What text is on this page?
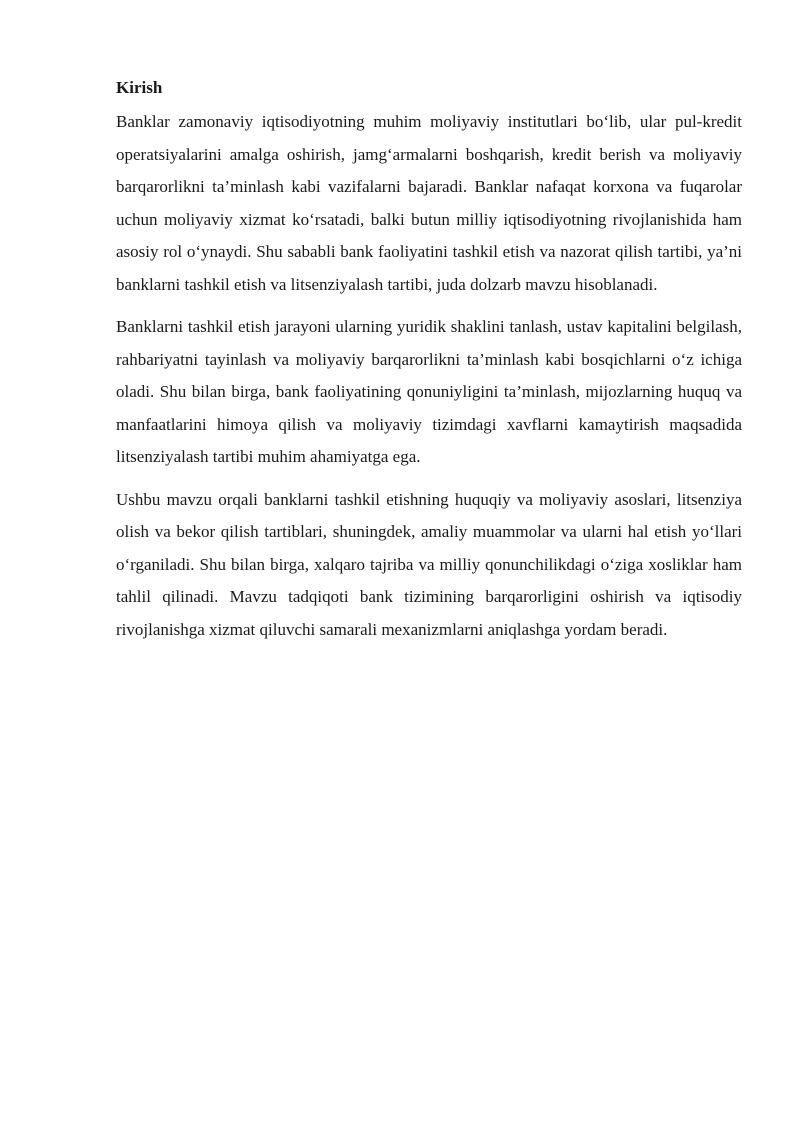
Kirish

Banklar zamonaviy iqtisodiyotning muhim moliyaviy institutlari bo‘lib, ular pul-kredit operatsiyalarini amalga oshirish, jamg‘armalarni boshqarish, kredit berish va moliyaviy barqarorlikni ta’minlash kabi vazifalarni bajaradi. Banklar nafaqat korxona va fuqarolar uchun moliyaviy xizmat ko‘rsatadi, balki butun milliy iqtisodiyotning rivojlanishida ham asosiy rol o‘ynaydi. Shu sababli bank faoliyatini tashkil etish va nazorat qilish tartibi, ya’ni banklarni tashkil etish va litsenziyalash tartibi, juda dolzarb mavzu hisoblanadi.

Banklarni tashkil etish jarayoni ularning yuridik shaklini tanlash, ustav kapitalini belgilash, rahbariyatni tayinlash va moliyaviy barqarorlikni ta’minlash kabi bosqichlarni o‘z ichiga oladi. Shu bilan birga, bank faoliyatining qonuniyligini ta’minlash, mijozlarning huquq va manfaatlarini himoya qilish va moliyaviy tizimdagi xavflarni kamaytirish maqsadida litsenziyalash tartibi muhim ahamiyatga ega.

Ushbu mavzu orqali banklarni tashkil etishning huquqiy va moliyaviy asoslari, litsenziya olish va bekor qilish tartiblari, shuningdek, amaliy muammolar va ularni hal etish yo‘llari o‘rganiladi. Shu bilan birga, xalqaro tajriba va milliy qonunchilikdagi o‘ziga xosliklar ham tahlil qilinadi. Mavzu tadqiqoti bank tizimining barqarorligini oshirish va iqtisodiy rivojlanishga xizmat qiluvchi samarali mexanizmlarni aniqlashga yordam beradi.
